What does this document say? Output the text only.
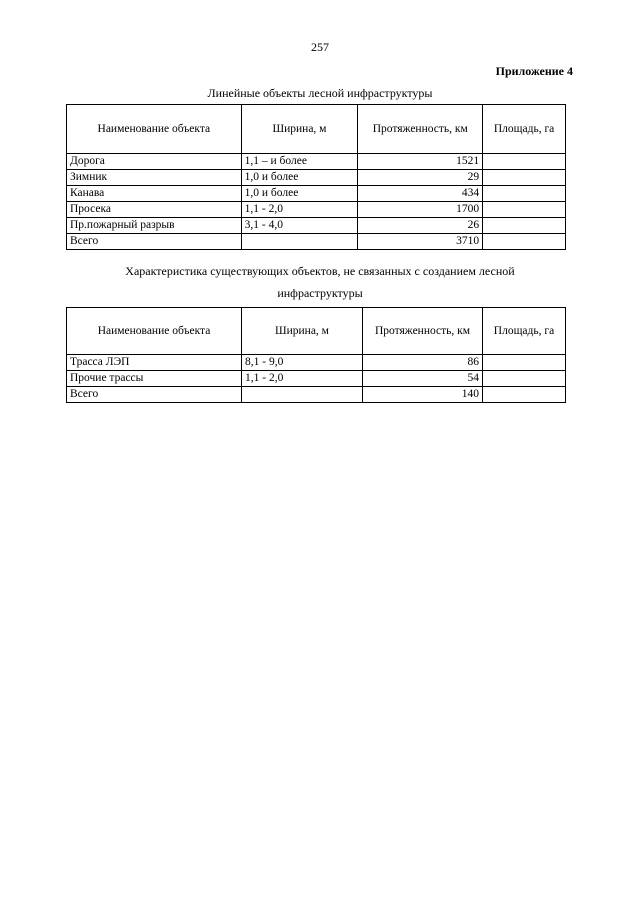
257
Приложение 4
Линейные объекты лесной инфраструктуры
Наименование объекта	Ширина, м	Протяженность, км	Площадь, га
Дорога	1,1 – и более	1521	
Зимник	1,0 и более	29	
Канава	1,0 и более	434	
Просека	1,1 - 2,0	1700	
Пр.пожарный разрыв	3,1 - 4,0	26	
Всего		3710	
Характеристика существующих объектов, не связанных с созданием лесной
инфраструктуры
Наименование объекта	Ширина, м	Протяженность, км	Площадь, га
Трасса ЛЭП	8,1 - 9,0	86	
Прочие трассы	1,1 - 2,0	54	
Всего		140	
